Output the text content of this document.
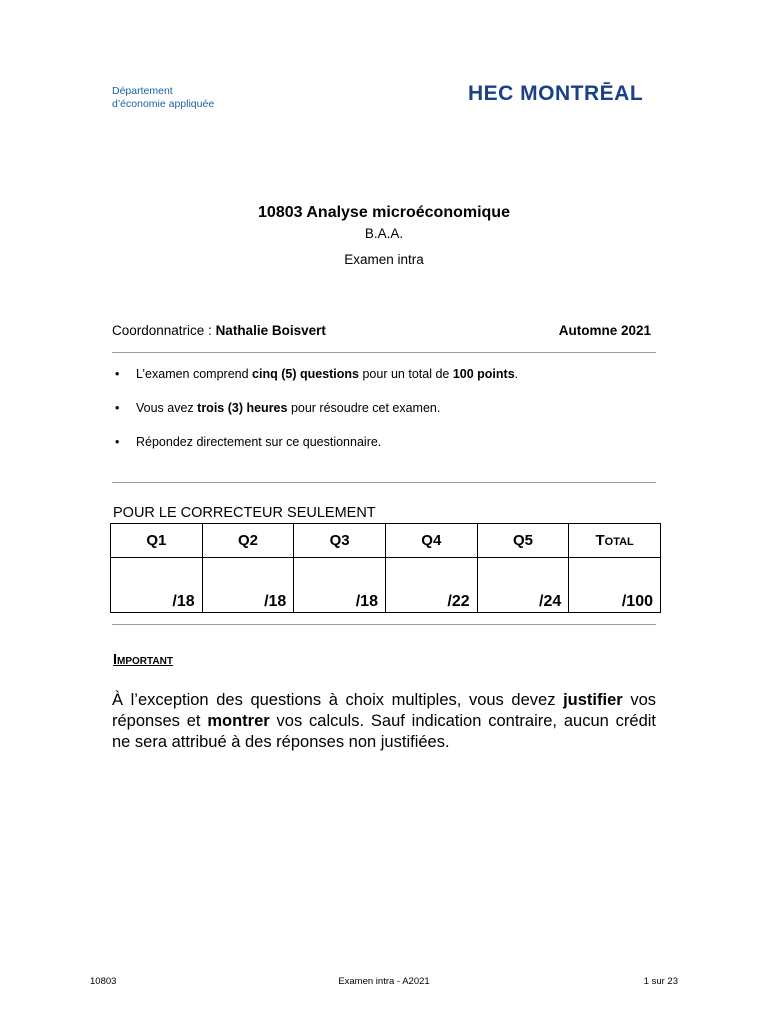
Département
d’économie appliquée	HEC MONTRĒAL
10803 Analyse microéconomique
B.A.A.
Examen intra
Coordonnatrice : Nathalie Boisvert	Automne 2021
• L’examen comprend cinq (5) questions pour un total de 100 points.
• Vous avez trois (3) heures pour résoudre cet examen.
• Répondez directement sur ce questionnaire.
POUR LE CORRECTEUR SEULEMENT
Q1	Q2	Q3	Q4	Q5	Total
/18	/18	/18	/22	/24	/100
Important

À l’exception des questions à choix multiples, vous devez justifier vos réponses et montrer vos calculs. Sauf indication contraire, aucun crédit ne sera attribué à des réponses non justifiées.

10803	Examen intra - A2021	1 sur 23
